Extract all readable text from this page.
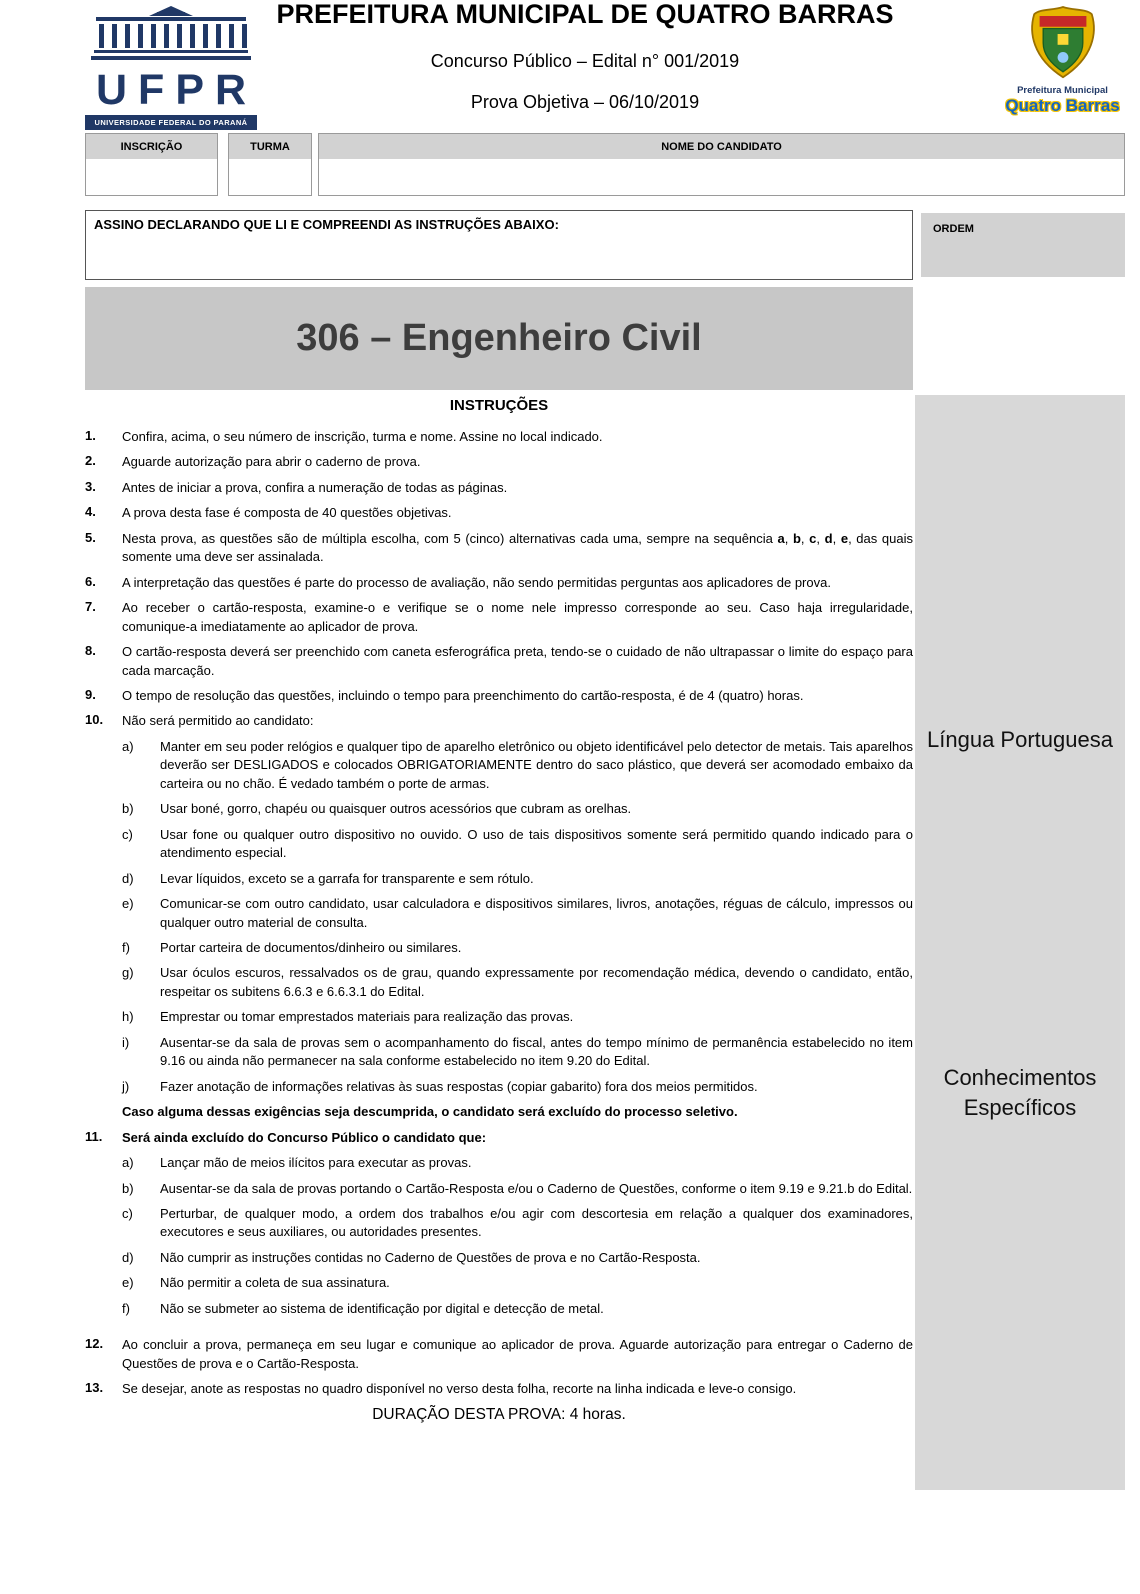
UFPR
UNIVERSIDADE FEDERAL DO PARANÁ
PREFEITURA MUNICIPAL DE QUATRO BARRAS
Concurso Público – Edital n° 001/2019
Prova Objetiva – 06/10/2019
Prefeitura Municipal
Quatro Barras
INSCRIÇÃO	TURMA	NOME DO CANDIDATO
ASSINO DECLARANDO QUE LI E COMPREENDI AS INSTRUÇÕES ABAIXO:	ORDEM
306 – Engenheiro Civil
Língua Portuguesa
Conhecimentos Específicos
INSTRUÇÕES
1.	Confira, acima, o seu número de inscrição, turma e nome. Assine no local indicado.
2.	Aguarde autorização para abrir o caderno de prova.
3.	Antes de iniciar a prova, confira a numeração de todas as páginas.
4.	A prova desta fase é composta de 40 questões objetivas.
5.	Nesta prova, as questões são de múltipla escolha, com 5 (cinco) alternativas cada uma, sempre na sequência a, b, c, d, e, das quais somente uma deve ser assinalada.
6.	A interpretação das questões é parte do processo de avaliação, não sendo permitidas perguntas aos aplicadores de prova.
7.	Ao receber o cartão-resposta, examine-o e verifique se o nome nele impresso corresponde ao seu. Caso haja irregularidade, comunique-a imediatamente ao aplicador de prova.
8.	O cartão-resposta deverá ser preenchido com caneta esferográfica preta, tendo-se o cuidado de não ultrapassar o limite do espaço para cada marcação.
9.	O tempo de resolução das questões, incluindo o tempo para preenchimento do cartão-resposta, é de 4 (quatro) horas.
10.	Não será permitido ao candidato:
a)	Manter em seu poder relógios e qualquer tipo de aparelho eletrônico ou objeto identificável pelo detector de metais. Tais aparelhos deverão ser DESLIGADOS e colocados OBRIGATORIAMENTE dentro do saco plástico, que deverá ser acomodado embaixo da carteira ou no chão. É vedado também o porte de armas.
b)	Usar boné, gorro, chapéu ou quaisquer outros acessórios que cubram as orelhas.
c)	Usar fone ou qualquer outro dispositivo no ouvido. O uso de tais dispositivos somente será permitido quando indicado para o atendimento especial.
d)	Levar líquidos, exceto se a garrafa for transparente e sem rótulo.
e)	Comunicar-se com outro candidato, usar calculadora e dispositivos similares, livros, anotações, réguas de cálculo, impressos ou qualquer outro material de consulta.
f)	Portar carteira de documentos/dinheiro ou similares.
g)	Usar óculos escuros, ressalvados os de grau, quando expressamente por recomendação médica, devendo o candidato, então, respeitar os subitens 6.6.3 e 6.6.3.1 do Edital.
h)	Emprestar ou tomar emprestados materiais para realização das provas.
i)	Ausentar-se da sala de provas sem o acompanhamento do fiscal, antes do tempo mínimo de permanência estabelecido no item 9.16 ou ainda não permanecer na sala conforme estabelecido no item 9.20 do Edital.
j)	Fazer anotação de informações relativas às suas respostas (copiar gabarito) fora dos meios permitidos.
Caso alguma dessas exigências seja descumprida, o candidato será excluído do processo seletivo.
11.	Será ainda excluído do Concurso Público o candidato que:
a)	Lançar mão de meios ilícitos para executar as provas.
b)	Ausentar-se da sala de provas portando o Cartão-Resposta e/ou o Caderno de Questões, conforme o item 9.19 e 9.21.b do Edital.
c)	Perturbar, de qualquer modo, a ordem dos trabalhos e/ou agir com descortesia em relação a qualquer dos examinadores, executores e seus auxiliares, ou autoridades presentes.
d)	Não cumprir as instruções contidas no Caderno de Questões de prova e no Cartão-Resposta.
e)	Não permitir a coleta de sua assinatura.
f)	Não se submeter ao sistema de identificação por digital e detecção de metal.
12.	Ao concluir a prova, permaneça em seu lugar e comunique ao aplicador de prova. Aguarde autorização para entregar o Caderno de Questões de prova e o Cartão-Resposta.
13.	Se desejar, anote as respostas no quadro disponível no verso desta folha, recorte na linha indicada e leve-o consigo.
DURAÇÃO DESTA PROVA: 4 horas.
